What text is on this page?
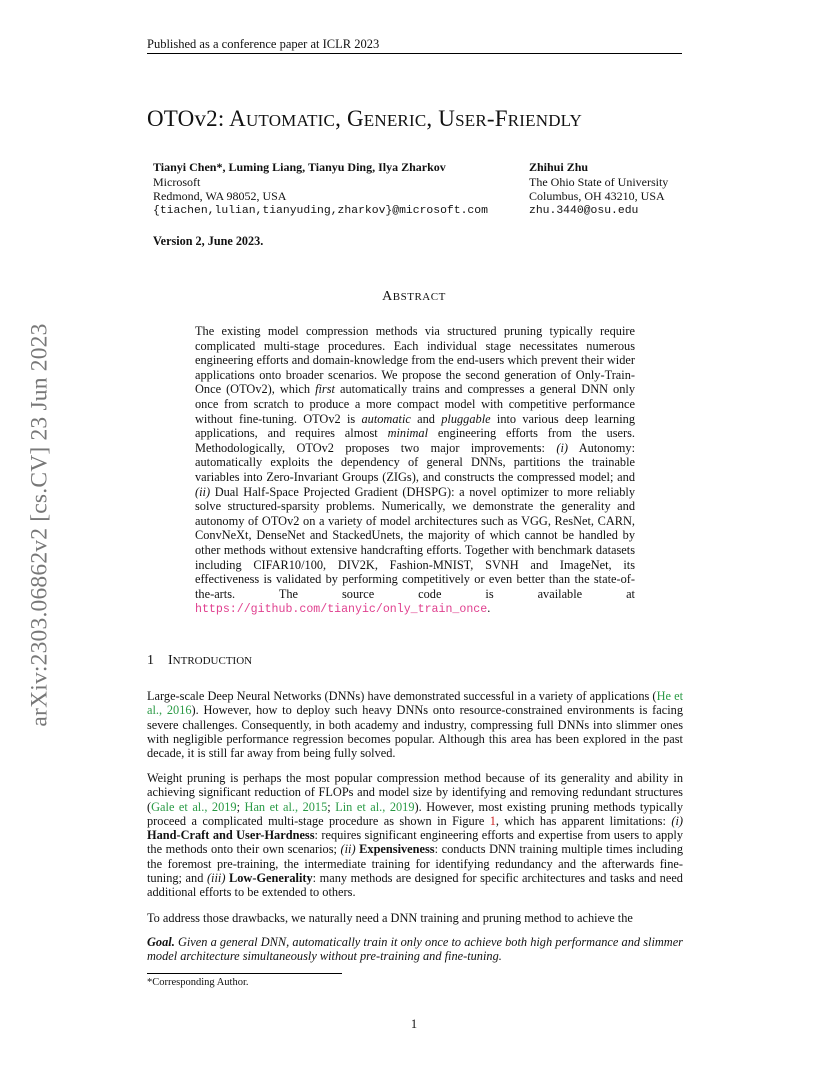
Published as a conference paper at ICLR 2023
arXiv:2303.06862v2 [cs.CV] 23 Jun 2023
OTOv2: AUTOMATIC, GENERIC, USER-FRIENDLY
Tianyi Chen*, Luming Liang, Tianyu Ding, Ilya Zharkov
Microsoft
Redmond, WA 98052, USA
{tiachen,lulian,tianyuding,zharkov}@microsoft.com
Zhihui Zhu
The Ohio State of University
Columbus, OH 43210, USA
zhu.3440@osu.edu
Version 2, June 2023.
ABSTRACT
The existing model compression methods via structured pruning typically require complicated multi-stage procedures. Each individual stage necessitates numerous engineering efforts and domain-knowledge from the end-users which prevent their wider applications onto broader scenarios. We propose the second generation of Only-Train-Once (OTOv2), which first automatically trains and compresses a general DNN only once from scratch to produce a more compact model with competitive performance without fine-tuning. OTOv2 is automatic and pluggable into various deep learning applications, and requires almost minimal engineering efforts from the users. Methodologically, OTOv2 proposes two major improvements: (i) Autonomy: automatically exploits the dependency of general DNNs, partitions the trainable variables into Zero-Invariant Groups (ZIGs), and constructs the compressed model; and (ii) Dual Half-Space Projected Gradient (DHSPG): a novel optimizer to more reliably solve structured-sparsity problems. Numerically, we demonstrate the generality and autonomy of OTOv2 on a variety of model architectures such as VGG, ResNet, CARN, ConvNeXt, DenseNet and StackedUnets, the majority of which cannot be handled by other methods without extensive handcrafting efforts. Together with benchmark datasets including CIFAR10/100, DIV2K, Fashion-MNIST, SVNH and ImageNet, its effectiveness is validated by performing competitively or even better than the state-of-the-arts. The source code is available at https://github.com/tianyic/only_train_once.
1 INTRODUCTION
Large-scale Deep Neural Networks (DNNs) have demonstrated successful in a variety of applications (He et al., 2016). However, how to deploy such heavy DNNs onto resource-constrained environments is facing severe challenges. Consequently, in both academy and industry, compressing full DNNs into slimmer ones with negligible performance regression becomes popular. Although this area has been explored in the past decade, it is still far away from being fully solved.
Weight pruning is perhaps the most popular compression method because of its generality and ability in achieving significant reduction of FLOPs and model size by identifying and removing redundant structures (Gale et al., 2019; Han et al., 2015; Lin et al., 2019). However, most existing pruning methods typically proceed a complicated multi-stage procedure as shown in Figure 1, which has apparent limitations: (i) Hand-Craft and User-Hardness: requires significant engineering efforts and expertise from users to apply the methods onto their own scenarios; (ii) Expensiveness: conducts DNN training multiple times including the foremost pre-training, the intermediate training for identifying redundancy and the afterwards fine-tuning; and (iii) Low-Generality: many methods are designed for specific architectures and tasks and need additional efforts to be extended to others.
To address those drawbacks, we naturally need a DNN training and pruning method to achieve the
Goal. Given a general DNN, automatically train it only once to achieve both high performance and slimmer model architecture simultaneously without pre-training and fine-tuning.
*Corresponding Author.
1
